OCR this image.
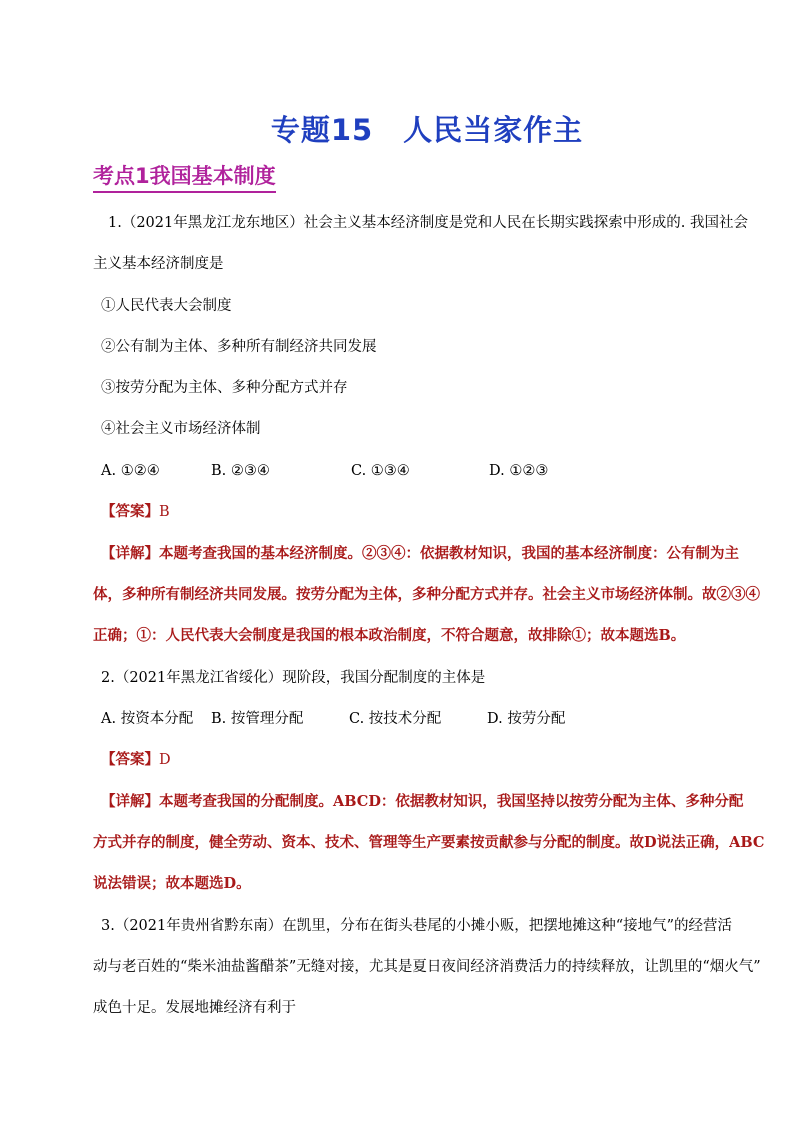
专题15 人民当家作主
考点1我国基本制度
1.（2021年黑龙江龙东地区）社会主义基本经济制度是党和人民在长期实践探索中形成的. 我国社会
主义基本经济制度是
①人民代表大会制度
②公有制为主体、多种所有制经济共同发展
③按劳分配为主体、多种分配方式并存
④社会主义市场经济体制
A. ①②④	B. ②③④	C. ①③④	D. ①②③
【答案】B
【详解】本题考查我国的基本经济制度。②③④：依据教材知识，我国的基本经济制度：公有制为主
体，多种所有制经济共同发展。按劳分配为主体，多种分配方式并存。社会主义市场经济体制。故②③④
正确；①：人民代表大会制度是我国的根本政治制度，不符合题意，故排除①；故本题选B。
2.（2021年黑龙江省绥化）现阶段，我国分配制度的主体是
A. 按资本分配 B. 按管理分配	C. 按技术分配	D. 按劳分配
【答案】D
【详解】本题考查我国的分配制度。ABCD：依据教材知识，我国坚持以按劳分配为主体、多种分配
方式并存的制度，健全劳动、资本、技术、管理等生产要素按贡献参与分配的制度。故D说法正确，ABC
说法错误；故本题选D。
3.（2021年贵州省黔东南）在凯里，分布在街头巷尾的小摊小贩，把摆地摊这种“接地气”的经营活
动与老百姓的“柴米油盐酱醋茶”无缝对接，尤其是夏日夜间经济消费活力的持续释放，让凯里的“烟火气”
成色十足。发展地摊经济有利于
